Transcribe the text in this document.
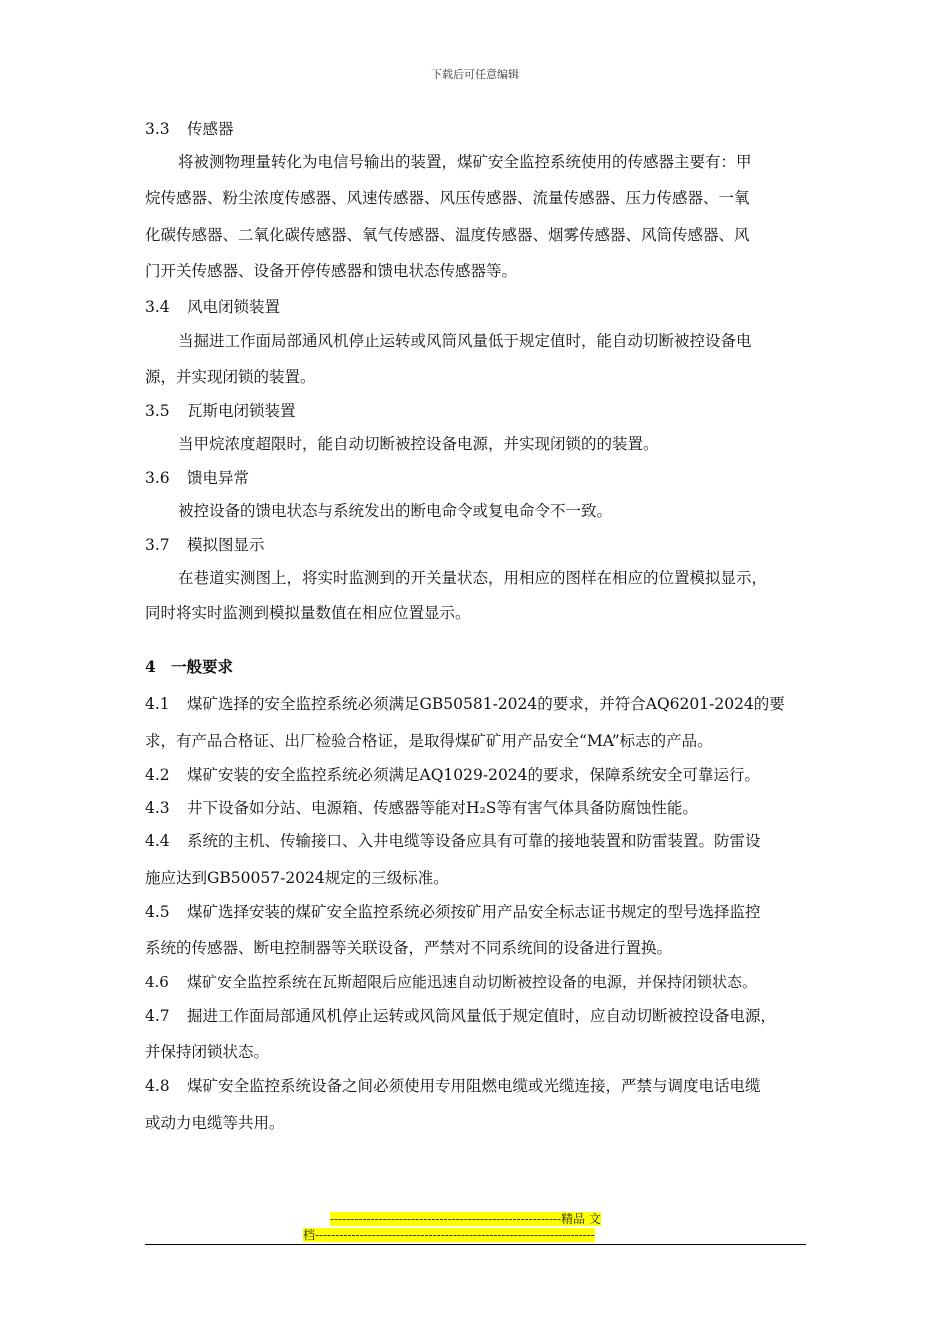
下载后可任意编辑
3.3 传感器
将被测物理量转化为电信号输出的装置，煤矿安全监控系统使用的传感器主要有：甲
烷传感器、粉尘浓度传感器、风速传感器、风压传感器、流量传感器、压力传感器、一氧
化碳传感器、二氧化碳传感器、氧气传感器、温度传感器、烟雾传感器、风筒传感器、风
门开关传感器、设备开停传感器和馈电状态传感器等。
3.4 风电闭锁装置
当掘进工作面局部通风机停止运转或风筒风量低于规定值时，能自动切断被控设备电
源，并实现闭锁的装置。
3.5 瓦斯电闭锁装置
当甲烷浓度超限时，能自动切断被控设备电源，并实现闭锁的的装置。
3.6 馈电异常
被控设备的馈电状态与系统发出的断电命令或复电命令不一致。
3.7 模拟图显示
在巷道实测图上，将实时监测到的开关量状态，用相应的图样在相应的位置模拟显示，
同时将实时监测到模拟量数值在相应位置显示。
4 一般要求
4.1 煤矿选择的安全监控系统必须满足GB50581-2024的要求，并符合AQ6201-2024的要
求，有产品合格证、出厂检验合格证，是取得煤矿矿用产品安全“MA”标志的产品。
4.2 煤矿安装的安全监控系统必须满足AQ1029-2024的要求，保障系统安全可靠运行。
4.3 井下设备如分站、电源箱、传感器等能对H₂S等有害气体具备防腐蚀性能。
4.4 系统的主机、传输接口、入井电缆等设备应具有可靠的接地装置和防雷装置。防雷设
施应达到GB50057-2024规定的三级标准。
4.5 煤矿选择安装的煤矿安全监控系统必须按矿用产品安全标志证书规定的型号选择监控
系统的传感器、断电控制器等关联设备，严禁对不同系统间的设备进行置换。
4.6 煤矿安全监控系统在瓦斯超限后应能迅速自动切断被控设备的电源，并保持闭锁状态。
4.7 掘进工作面局部通风机停止运转或风筒风量低于规定值时，应自动切断被控设备电源，
并保持闭锁状态。
4.8 煤矿安全监控系统设备之间必须使用专用阻燃电缆或光缆连接，严禁与调度电话电缆
或动力电缆等共用。
---------------------------------------------------------精品 文
档---------------------------------------------------------------------
